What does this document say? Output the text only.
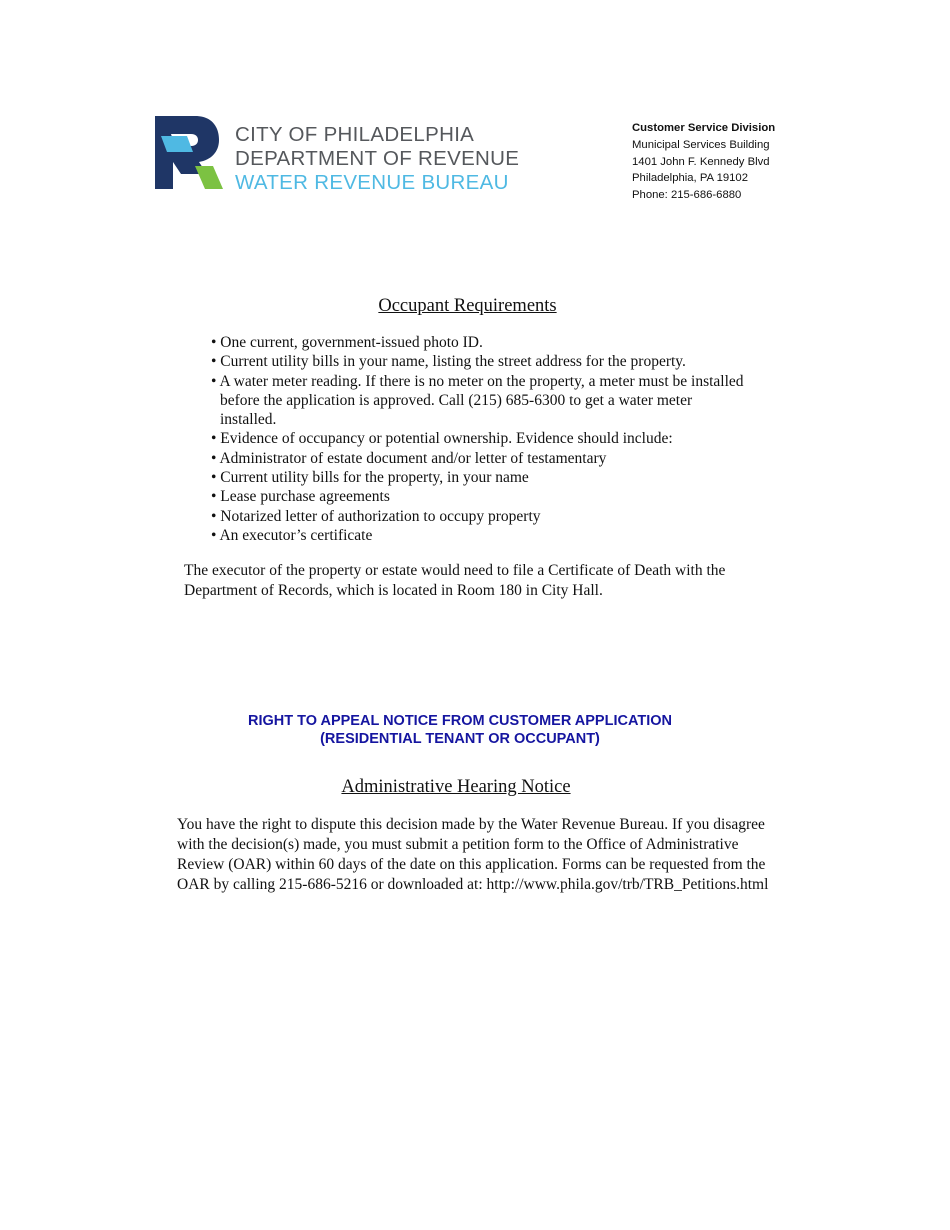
CITY OF PHILADELPHIA
DEPARTMENT OF REVENUE
WATER REVENUE BUREAU
Customer Service Division
Municipal Services Building
1401 John F. Kennedy Blvd
Philadelphia, PA 19102
Phone: 215-686-6880
Occupant Requirements
• One current, government-issued photo ID.
• Current utility bills in your name, listing the street address for the property.
• A water meter reading. If there is no meter on the property, a meter must be installed before the application is approved. Call (215) 685-6300 to get a water meter installed.
• Evidence of occupancy or potential ownership. Evidence should include:
• Administrator of estate document and/or letter of testamentary
• Current utility bills for the property, in your name
• Lease purchase agreements
• Notarized letter of authorization to occupy property
• An executor’s certificate
The executor of the property or estate would need to file a Certificate of Death with the Department of Records, which is located in Room 180 in City Hall.
RIGHT TO APPEAL NOTICE FROM CUSTOMER APPLICATION
(RESIDENTIAL TENANT OR OCCUPANT)
Administrative Hearing Notice
You have the right to dispute this decision made by the Water Revenue Bureau. If you disagree with the decision(s) made, you must submit a petition form to the Office of Administrative Review (OAR) within 60 days of the date on this application. Forms can be requested from the OAR by calling 215-686-5216 or downloaded at: http://www.phila.gov/trb/TRB_Petitions.html
